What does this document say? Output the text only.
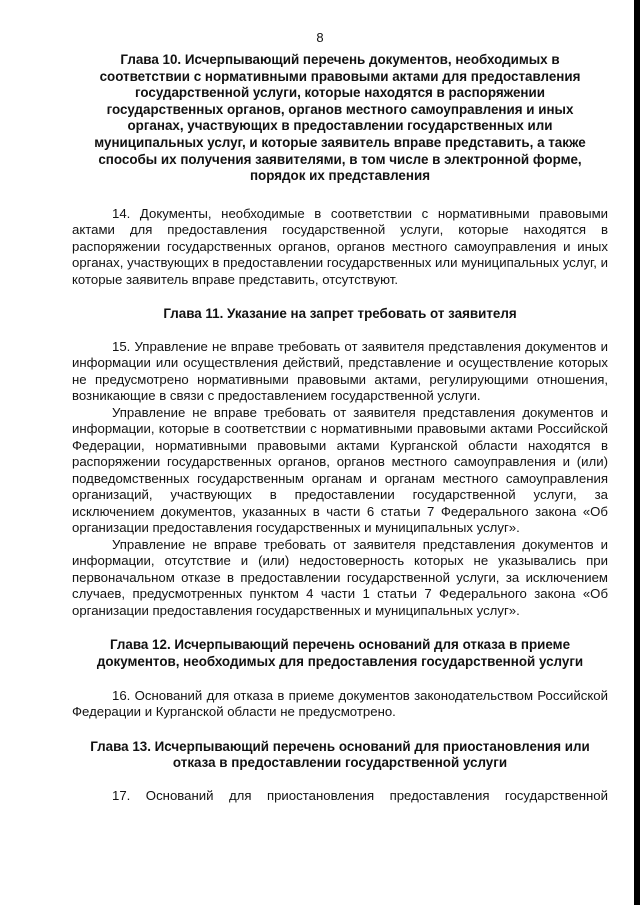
8

Глава 10. Исчерпывающий перечень документов, необходимых в соответствии с нормативными правовыми актами для предоставления государственной услуги, которые находятся в распоряжении государственных органов, органов местного самоуправления и иных органах, участвующих в предоставлении государственных или муниципальных услуг, и которые заявитель вправе представить, а также способы их получения заявителями, в том числе в электронной форме, порядок их представления

14. Документы, необходимые в соответствии с нормативными правовыми актами для предоставления государственной услуги, которые находятся в распоряжении государственных органов, органов местного самоуправления и иных органах, участвующих в предоставлении государственных или муниципальных услуг, и которые заявитель вправе представить, отсутствуют.

Глава 11. Указание на запрет требовать от заявителя

15. Управление не вправе требовать от заявителя представления документов и информации или осуществления действий, представление и осуществление которых не предусмотрено нормативными правовыми актами, регулирующими отношения, возникающие в связи с предоставлением государственной услуги.

Управление не вправе требовать от заявителя представления документов и информации, которые в соответствии с нормативными правовыми актами Российской Федерации, нормативными правовыми актами Курганской области находятся в распоряжении государственных органов, органов местного самоуправления и (или) подведомственных государственным органам и органам местного самоуправления организаций, участвующих в предоставлении государственной услуги, за исключением документов, указанных в части 6 статьи 7 Федерального закона «Об организации предоставления государственных и муниципальных услуг».

Управление не вправе требовать от заявителя представления документов и информации, отсутствие и (или) недостоверность которых не указывались при первоначальном отказе в предоставлении государственной услуги, за исключением случаев, предусмотренных пунктом 4 части 1 статьи 7 Федерального закона «Об организации предоставления государственных и муниципальных услуг».

Глава 12. Исчерпывающий перечень оснований для отказа в приеме документов, необходимых для предоставления государственной услуги

16. Оснований для отказа в приеме документов законодательством Российской Федерации и Курганской области не предусмотрено.

Глава 13. Исчерпывающий перечень оснований для приостановления или отказа в предоставлении государственной услуги

17. Оснований для приостановления предоставления государственной
